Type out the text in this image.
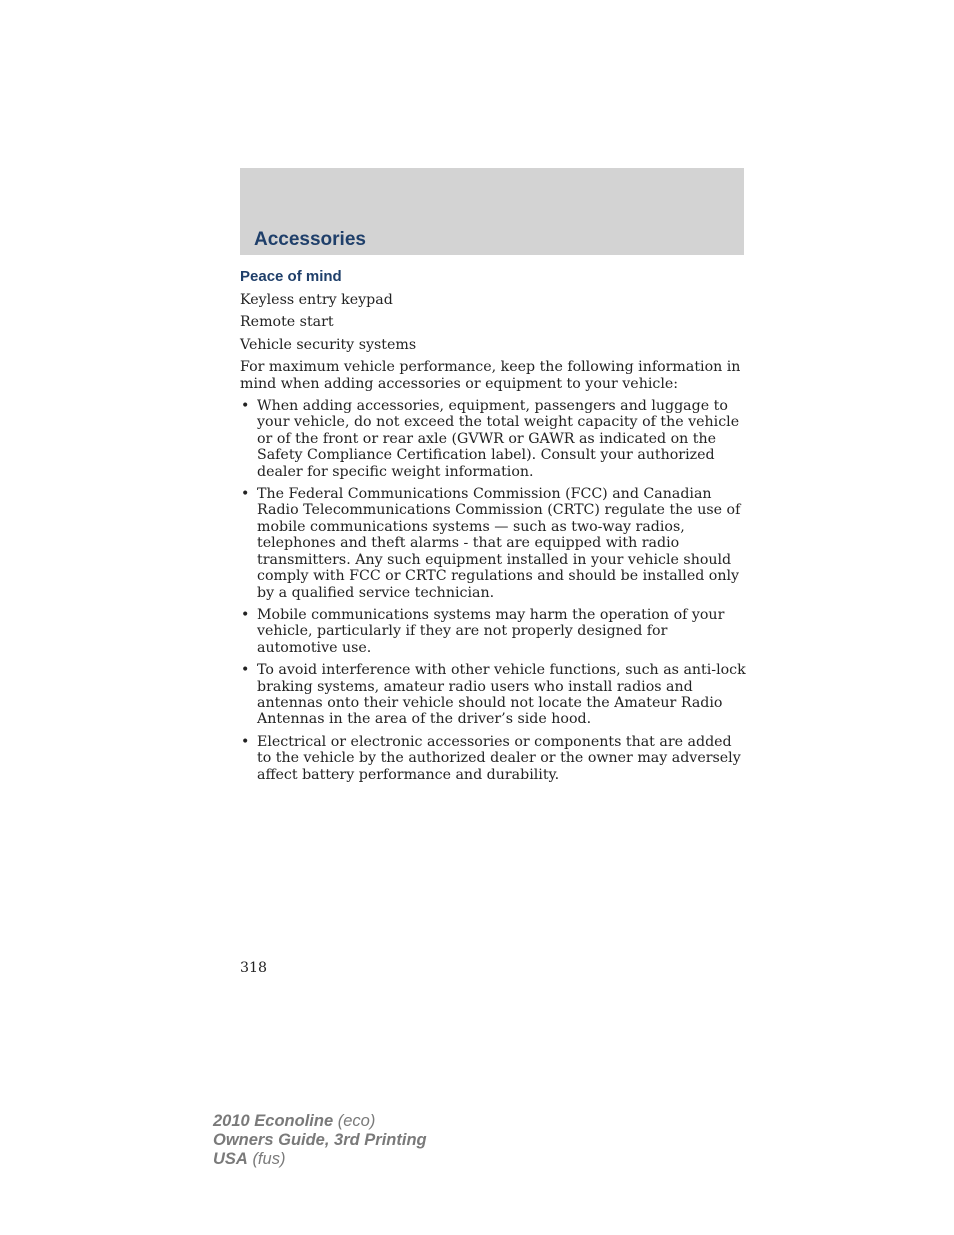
Accessories
Peace of mind
Keyless entry keypad
Remote start
Vehicle security systems
For maximum vehicle performance, keep the following information in mind when adding accessories or equipment to your vehicle:
• When adding accessories, equipment, passengers and luggage to your vehicle, do not exceed the total weight capacity of the vehicle or of the front or rear axle (GVWR or GAWR as indicated on the Safety Compliance Certification label). Consult your authorized dealer for specific weight information.
• The Federal Communications Commission (FCC) and Canadian Radio Telecommunications Commission (CRTC) regulate the use of mobile communications systems — such as two-way radios, telephones and theft alarms - that are equipped with radio transmitters. Any such equipment installed in your vehicle should comply with FCC or CRTC regulations and should be installed only by a qualified service technician.
• Mobile communications systems may harm the operation of your vehicle, particularly if they are not properly designed for automotive use.
• To avoid interference with other vehicle functions, such as anti-lock braking systems, amateur radio users who install radios and antennas onto their vehicle should not locate the Amateur Radio Antennas in the area of the driver’s side hood.
• Electrical or electronic accessories or components that are added to the vehicle by the authorized dealer or the owner may adversely affect battery performance and durability.
318
2010 Econoline (eco)
Owners Guide, 3rd Printing
USA (fus)
